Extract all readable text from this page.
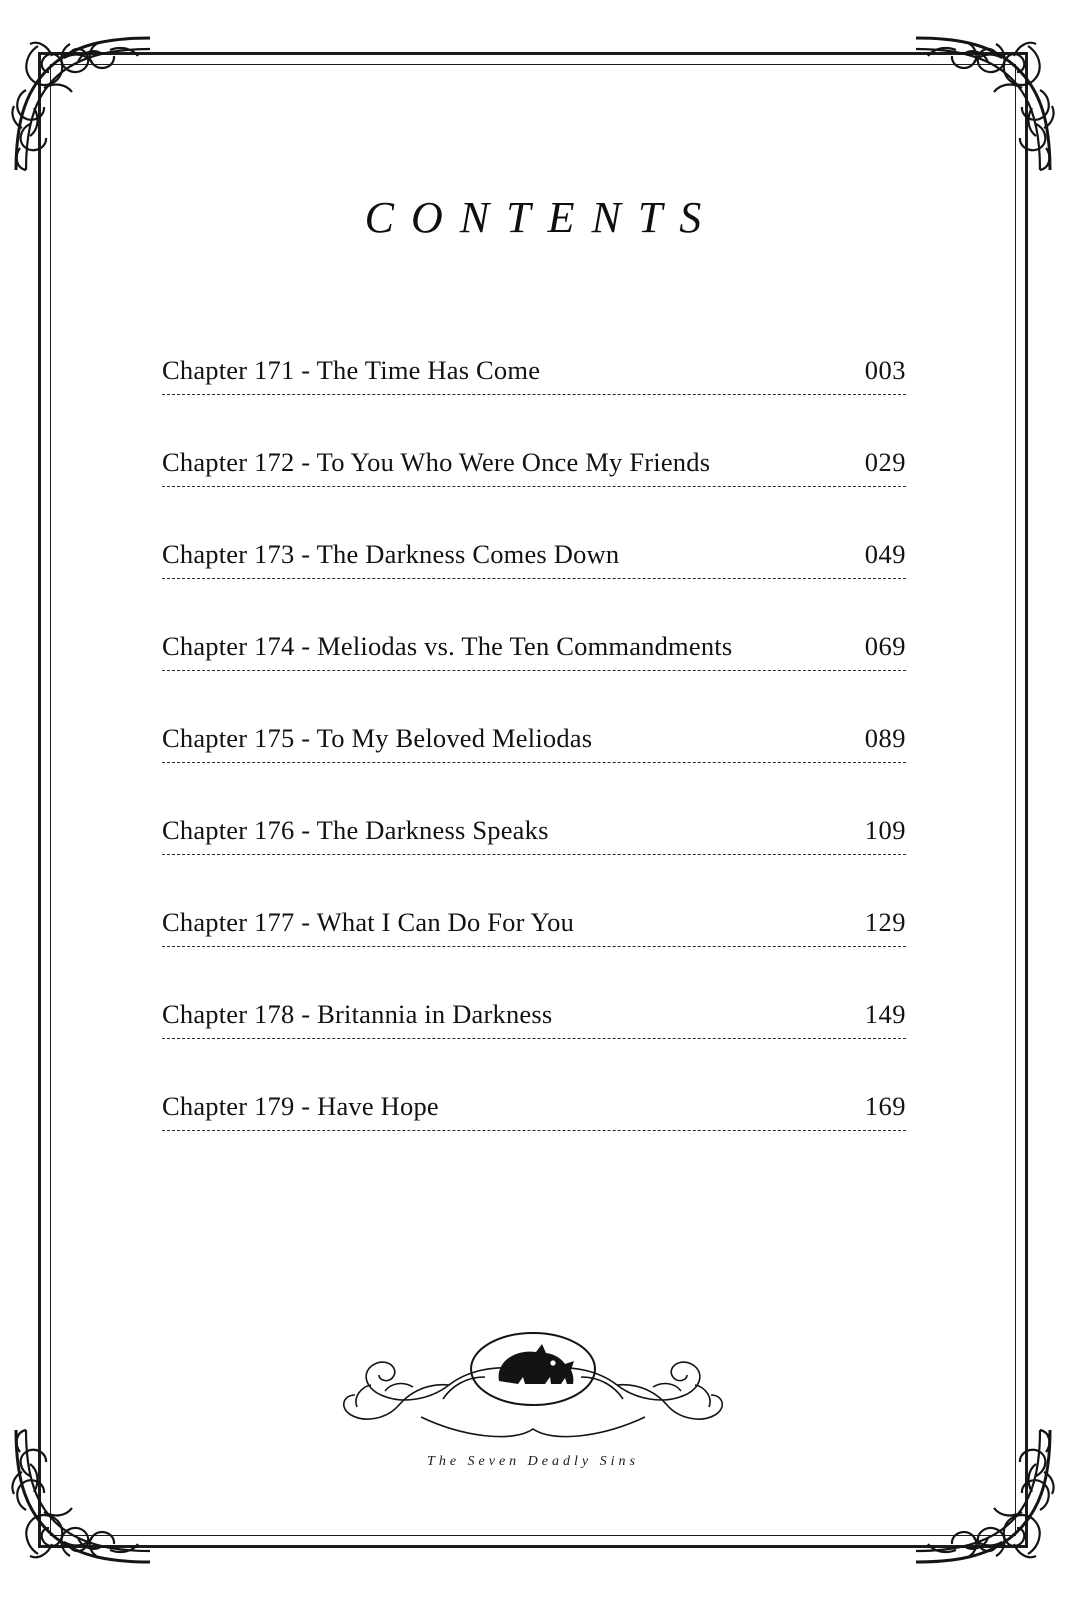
CONTENTS
Chapter 171 - The Time Has Come	003
Chapter 172 - To You Who Were Once My Friends	029
Chapter 173 - The Darkness Comes Down	049
Chapter 174 - Meliodas vs. The Ten Commandments	069
Chapter 175 - To My Beloved Meliodas	089
Chapter 176 - The Darkness Speaks	109
Chapter 177 - What I Can Do For You	129
Chapter 178 - Britannia in Darkness	149
Chapter 179 - Have Hope	169
The Seven Deadly Sins
